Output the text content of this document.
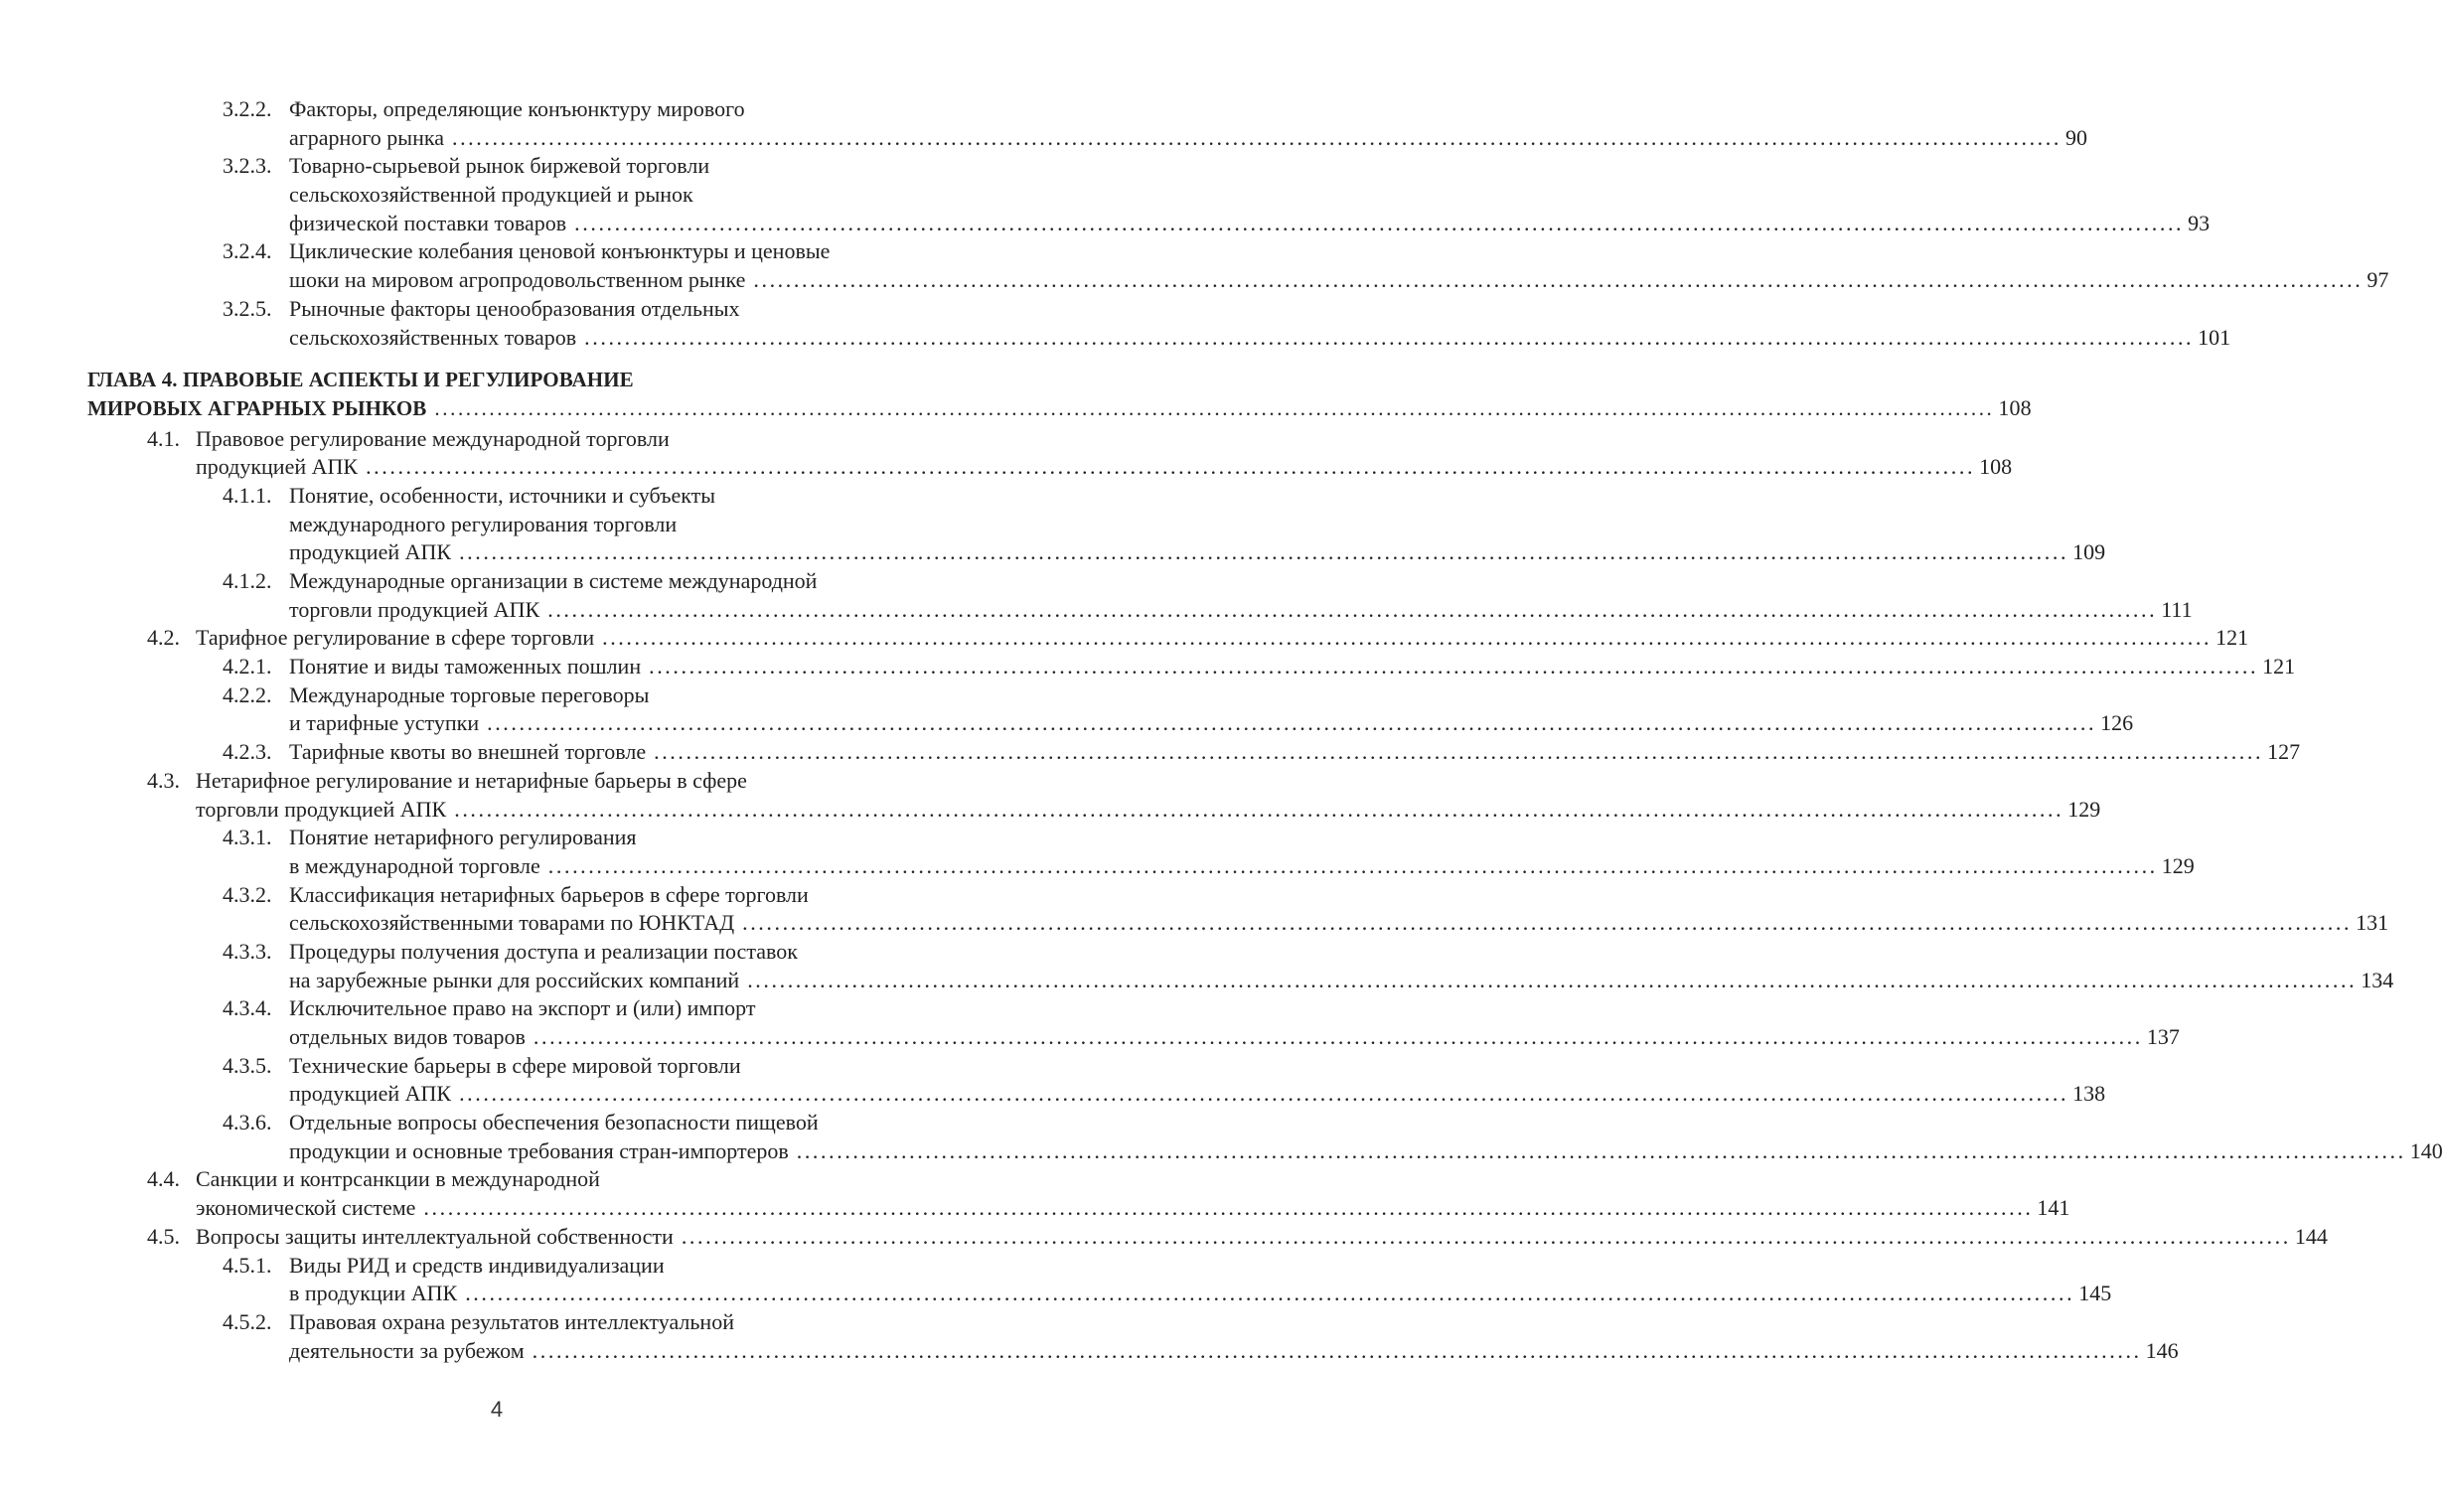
3.2.2. Факторы, определяющие конъюнктуру мирового
аграрного рынка ........................................................................................................................................................................................................ 90
3.2.3. Товарно-сырьевой рынок биржевой торговли
сельскохозяйственной продукцией и рынок
физической поставки товаров ........................................................................................................................................................................................................ 93
3.2.4. Циклические колебания ценовой конъюнктуры и ценовые
шоки на мировом агропродовольственном рынке ........................................................................................................................................................................................................ 97
3.2.5. Рыночные факторы ценообразования отдельных
сельскохозяйственных товаров ........................................................................................................................................................................................................ 101
ГЛАВА 4. ПРАВОВЫЕ АСПЕКТЫ И РЕГУЛИРОВАНИЕ
МИРОВЫХ АГРАРНЫХ РЫНКОВ ........................................................................................................................................................................................................ 108
4.1. Правовое регулирование международной торговли
продукцией АПК ........................................................................................................................................................................................................ 108
4.1.1. Понятие, особенности, источники и субъекты
международного регулирования торговли
продукцией АПК ........................................................................................................................................................................................................ 109
4.1.2. Международные организации в системе международной
торговли продукцией АПК ........................................................................................................................................................................................................ 111
4.2. Тарифное регулирование в сфере торговли ........................................................................................................................................................................................................ 121
4.2.1. Понятие и виды таможенных пошлин ........................................................................................................................................................................................................ 121
4.2.2. Международные торговые переговоры
и тарифные уступки ........................................................................................................................................................................................................ 126
4.2.3. Тарифные квоты во внешней торговле ........................................................................................................................................................................................................ 127
4.3. Нетарифное регулирование и нетарифные барьеры в сфере
торговли продукцией АПК ........................................................................................................................................................................................................ 129
4.3.1. Понятие нетарифного регулирования
в международной торговле ........................................................................................................................................................................................................ 129
4.3.2. Классификация нетарифных барьеров в сфере торговли
сельскохозяйственными товарами по ЮНКТАД ........................................................................................................................................................................................................ 131
4.3.3. Процедуры получения доступа и реализации поставок
на зарубежные рынки для российских компаний ........................................................................................................................................................................................................ 134
4.3.4. Исключительное право на экспорт и (или) импорт
отдельных видов товаров ........................................................................................................................................................................................................ 137
4.3.5. Технические барьеры в сфере мировой торговли
продукцией АПК ........................................................................................................................................................................................................ 138
4.3.6. Отдельные вопросы обеспечения безопасности пищевой
продукции и основные требования стран-импортеров ........................................................................................................................................................................................................ 140
4.4. Санкции и контрсанкции в международной
экономической системе ........................................................................................................................................................................................................ 141
4.5. Вопросы защиты интеллектуальной собственности ........................................................................................................................................................................................................ 144
4.5.1. Виды РИД и средств индивидуализации
в продукции АПК ........................................................................................................................................................................................................ 145
4.5.2. Правовая охрана результатов интеллектуальной
деятельности за рубежом ........................................................................................................................................................................................................ 146
4
